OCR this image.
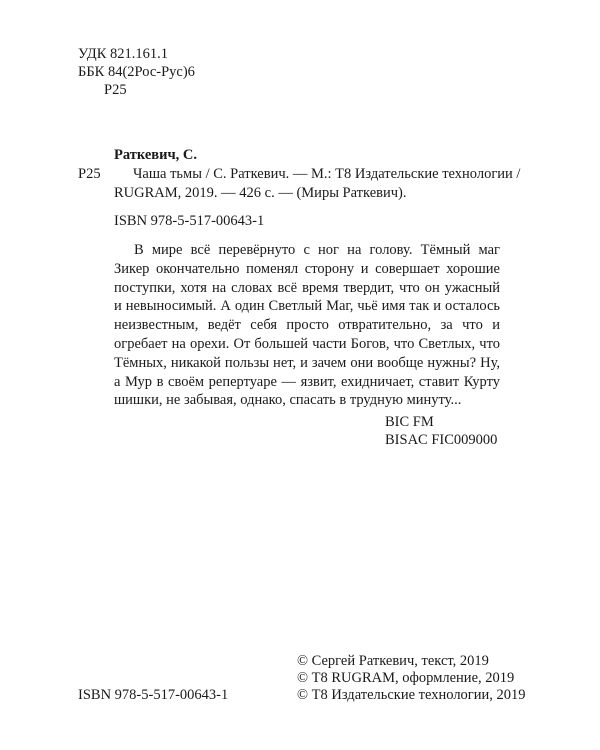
УДК 821.161.1
ББК 84(2Рос-Рус)6
Р25
Раткевич, С.
Р25 Чаша тьмы / С. Раткевич. — М.: Т8 Издательские технологии /
RUGRAM, 2019. — 426 с. — (Миры Раткевич).
ISBN 978-5-517-00643-1
В мире всё перевёрнуто с ног на голову. Тёмный маг
Зикер окончательно поменял сторону и совершает хорошие
поступки, хотя на словах всё время твердит, что он ужасный
и невыносимый. А один Светлый Маг, чьё имя так и осталось
неизвестным, ведёт себя просто отвратительно, за что и
огребает на орехи. От большей части Богов, что Светлых, что
Тёмных, никакой пользы нет, и зачем они вообще нужны? Ну,
а Мур в своём репертуаре — язвит, ехидничает, ставит Курту
шишки, не забывая, однако, спасать в трудную минуту...
BIC FM
BISAC FIC009000
ISBN 978-5-517-00643-1
© Сергей Раткевич, текст, 2019
© Т8 RUGRAM, оформление, 2019
© Т8 Издательские технологии, 2019
